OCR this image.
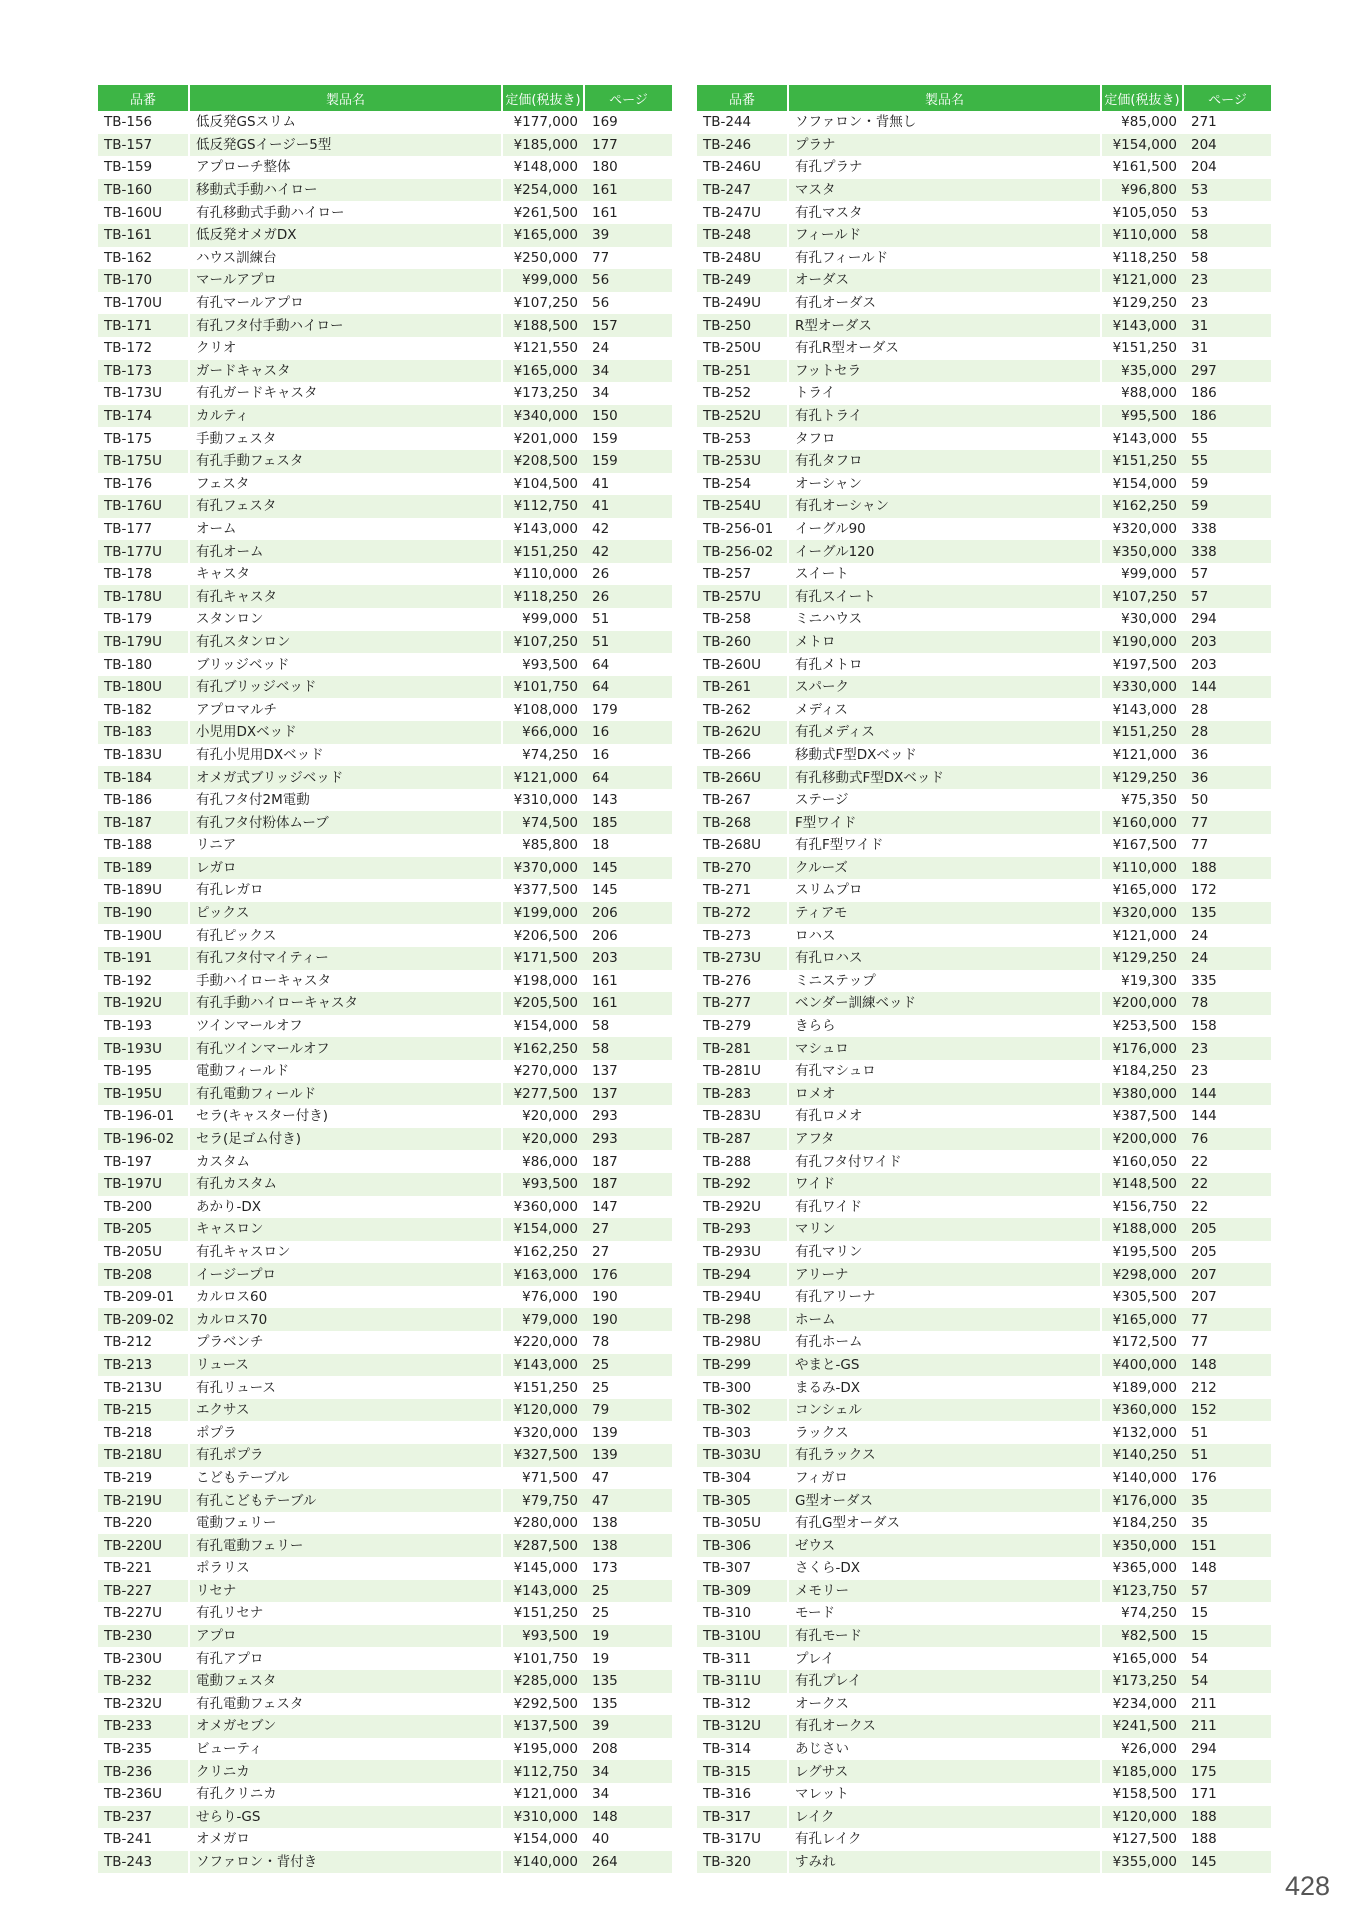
品番	製品名	定価(税抜き)	ページ
TB-156	低反発GSスリム	¥177,000	169
TB-157	低反発GSイージー5型	¥185,000	177
TB-159	アプローチ整体	¥148,000	180
TB-160	移動式手動ハイロー	¥254,000	161
TB-160U	有孔移動式手動ハイロー	¥261,500	161
TB-161	低反発オメガDX	¥165,000	39
TB-162	ハウス訓練台	¥250,000	77
TB-170	マールアプロ	¥99,000	56
TB-170U	有孔マールアプロ	¥107,250	56
TB-171	有孔フタ付手動ハイロー	¥188,500	157
TB-172	クリオ	¥121,550	24
TB-173	ガードキャスタ	¥165,000	34
TB-173U	有孔ガードキャスタ	¥173,250	34
TB-174	カルティ	¥340,000	150
TB-175	手動フェスタ	¥201,000	159
TB-175U	有孔手動フェスタ	¥208,500	159
TB-176	フェスタ	¥104,500	41
TB-176U	有孔フェスタ	¥112,750	41
TB-177	オーム	¥143,000	42
TB-177U	有孔オーム	¥151,250	42
TB-178	キャスタ	¥110,000	26
TB-178U	有孔キャスタ	¥118,250	26
TB-179	スタンロン	¥99,000	51
TB-179U	有孔スタンロン	¥107,250	51
TB-180	ブリッジベッド	¥93,500	64
TB-180U	有孔ブリッジベッド	¥101,750	64
TB-182	アプロマルチ	¥108,000	179
TB-183	小児用DXベッド	¥66,000	16
TB-183U	有孔小児用DXベッド	¥74,250	16
TB-184	オメガ式ブリッジベッド	¥121,000	64
TB-186	有孔フタ付2M電動	¥310,000	143
TB-187	有孔フタ付粉体ムーブ	¥74,500	185
TB-188	リニア	¥85,800	18
TB-189	レガロ	¥370,000	145
TB-189U	有孔レガロ	¥377,500	145
TB-190	ピックス	¥199,000	206
TB-190U	有孔ピックス	¥206,500	206
TB-191	有孔フタ付マイティー	¥171,500	203
TB-192	手動ハイローキャスタ	¥198,000	161
TB-192U	有孔手動ハイローキャスタ	¥205,500	161
TB-193	ツインマールオフ	¥154,000	58
TB-193U	有孔ツインマールオフ	¥162,250	58
TB-195	電動フィールド	¥270,000	137
TB-195U	有孔電動フィールド	¥277,500	137
TB-196-01	セラ(キャスター付き)	¥20,000	293
TB-196-02	セラ(足ゴム付き)	¥20,000	293
TB-197	カスタム	¥86,000	187
TB-197U	有孔カスタム	¥93,500	187
TB-200	あかり-DX	¥360,000	147
TB-205	キャスロン	¥154,000	27
TB-205U	有孔キャスロン	¥162,250	27
TB-208	イージープロ	¥163,000	176
TB-209-01	カルロス60	¥76,000	190
TB-209-02	カルロス70	¥79,000	190
TB-212	プラベンチ	¥220,000	78
TB-213	リュース	¥143,000	25
TB-213U	有孔リュース	¥151,250	25
TB-215	エクサス	¥120,000	79
TB-218	ポプラ	¥320,000	139
TB-218U	有孔ポプラ	¥327,500	139
TB-219	こどもテーブル	¥71,500	47
TB-219U	有孔こどもテーブル	¥79,750	47
TB-220	電動フェリー	¥280,000	138
TB-220U	有孔電動フェリー	¥287,500	138
TB-221	ポラリス	¥145,000	173
TB-227	リセナ	¥143,000	25
TB-227U	有孔リセナ	¥151,250	25
TB-230	アプロ	¥93,500	19
TB-230U	有孔アプロ	¥101,750	19
TB-232	電動フェスタ	¥285,000	135
TB-232U	有孔電動フェスタ	¥292,500	135
TB-233	オメガセブン	¥137,500	39
TB-235	ビューティ	¥195,000	208
TB-236	クリニカ	¥112,750	34
TB-236U	有孔クリニカ	¥121,000	34
TB-237	せらり-GS	¥310,000	148
TB-241	オメガロ	¥154,000	40
TB-243	ソファロン・背付き	¥140,000	264
品番	製品名	定価(税抜き)	ページ
TB-244	ソファロン・背無し	¥85,000	271
TB-246	プラナ	¥154,000	204
TB-246U	有孔プラナ	¥161,500	204
TB-247	マスタ	¥96,800	53
TB-247U	有孔マスタ	¥105,050	53
TB-248	フィールド	¥110,000	58
TB-248U	有孔フィールド	¥118,250	58
TB-249	オーダス	¥121,000	23
TB-249U	有孔オーダス	¥129,250	23
TB-250	R型オーダス	¥143,000	31
TB-250U	有孔R型オーダス	¥151,250	31
TB-251	フットセラ	¥35,000	297
TB-252	トライ	¥88,000	186
TB-252U	有孔トライ	¥95,500	186
TB-253	タフロ	¥143,000	55
TB-253U	有孔タフロ	¥151,250	55
TB-254	オーシャン	¥154,000	59
TB-254U	有孔オーシャン	¥162,250	59
TB-256-01	イーグル90	¥320,000	338
TB-256-02	イーグル120	¥350,000	338
TB-257	スイート	¥99,000	57
TB-257U	有孔スイート	¥107,250	57
TB-258	ミニハウス	¥30,000	294
TB-260	メトロ	¥190,000	203
TB-260U	有孔メトロ	¥197,500	203
TB-261	スパーク	¥330,000	144
TB-262	メディス	¥143,000	28
TB-262U	有孔メディス	¥151,250	28
TB-266	移動式F型DXベッド	¥121,000	36
TB-266U	有孔移動式F型DXベッド	¥129,250	36
TB-267	ステージ	¥75,350	50
TB-268	F型ワイド	¥160,000	77
TB-268U	有孔F型ワイド	¥167,500	77
TB-270	クルーズ	¥110,000	188
TB-271	スリムプロ	¥165,000	172
TB-272	ティアモ	¥320,000	135
TB-273	ロハス	¥121,000	24
TB-273U	有孔ロハス	¥129,250	24
TB-276	ミニステップ	¥19,300	335
TB-277	ベンダー訓練ベッド	¥200,000	78
TB-279	きらら	¥253,500	158
TB-281	マシュロ	¥176,000	23
TB-281U	有孔マシュロ	¥184,250	23
TB-283	ロメオ	¥380,000	144
TB-283U	有孔ロメオ	¥387,500	144
TB-287	アフタ	¥200,000	76
TB-288	有孔フタ付ワイド	¥160,050	22
TB-292	ワイド	¥148,500	22
TB-292U	有孔ワイド	¥156,750	22
TB-293	マリン	¥188,000	205
TB-293U	有孔マリン	¥195,500	205
TB-294	アリーナ	¥298,000	207
TB-294U	有孔アリーナ	¥305,500	207
TB-298	ホーム	¥165,000	77
TB-298U	有孔ホーム	¥172,500	77
TB-299	やまと-GS	¥400,000	148
TB-300	まるみ-DX	¥189,000	212
TB-302	コンシェル	¥360,000	152
TB-303	ラックス	¥132,000	51
TB-303U	有孔ラックス	¥140,250	51
TB-304	フィガロ	¥140,000	176
TB-305	G型オーダス	¥176,000	35
TB-305U	有孔G型オーダス	¥184,250	35
TB-306	ゼウス	¥350,000	151
TB-307	さくら-DX	¥365,000	148
TB-309	メモリー	¥123,750	57
TB-310	モード	¥74,250	15
TB-310U	有孔モード	¥82,500	15
TB-311	プレイ	¥165,000	54
TB-311U	有孔プレイ	¥173,250	54
TB-312	オークス	¥234,000	211
TB-312U	有孔オークス	¥241,500	211
TB-314	あじさい	¥26,000	294
TB-315	レグサス	¥185,000	175
TB-316	マレット	¥158,500	171
TB-317	レイク	¥120,000	188
TB-317U	有孔レイク	¥127,500	188
TB-320	すみれ	¥355,000	145
428
